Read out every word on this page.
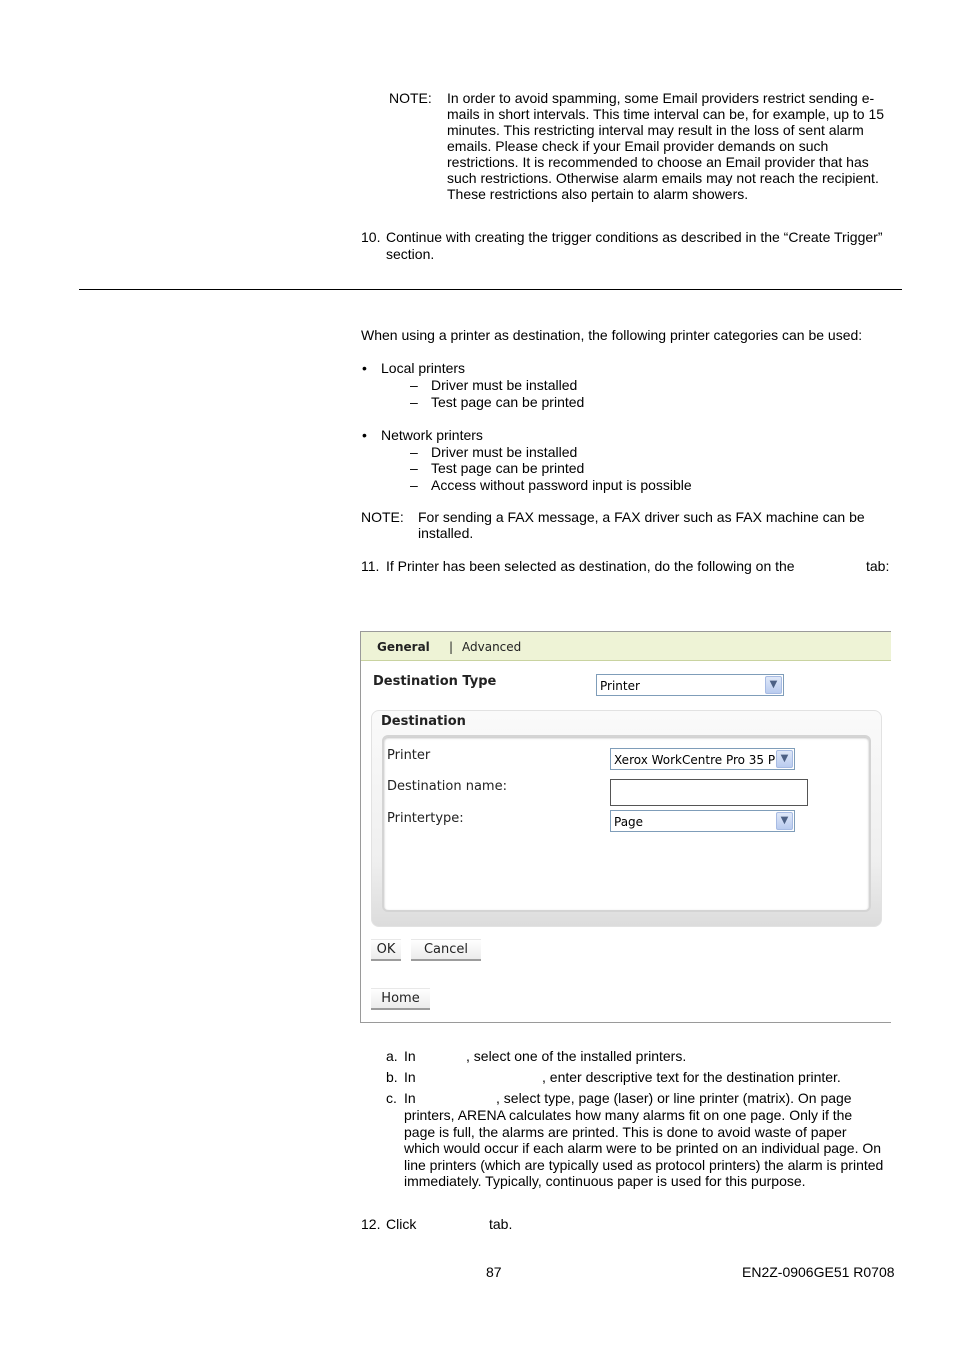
NOTE: In order to avoid spamming, some Email providers restrict sending e-
mails in short intervals. This time interval can be, for example, up to 15
minutes. This restricting interval may result in the loss of sent alarm
emails. Please check if your Email provider demands on such
restrictions. It is recommended to choose an Email provider that has
such restrictions. Otherwise alarm emails may not reach the recipient.
These restrictions also pertain to alarm showers.
10. Continue with creating the trigger conditions as described in the “Create Trigger”
section.
When using a printer as destination, the following printer categories can be used:
• Local printers
– Driver must be installed
– Test page can be printed
• Network printers
– Driver must be installed
– Test page can be printed
– Access without password input is possible
NOTE: For sending a FAX message, a FAX driver such as FAX machine can be
installed.
11. If Printer has been selected as destination, do the following on the	tab:
General | Advanced
Destination Type	Printer	▼
Destination
Printer	Xerox WorkCentre Pro 35 P ▼
Destination name:
Printertype:	Page	▼
OK	Cancel
Home
a. In	, select one of the installed printers.
b. In	, enter descriptive text for the destination printer.
c. In	, select type, page (laser) or line printer (matrix). On page
printers, ARENA calculates how many alarms fit on one page. Only if the
page is full, the alarms are printed. This is done to avoid waste of paper
which would occur if each alarm were to be printed on an individual page. On
line printers (which are typically used as protocol printers) the alarm is printed
immediately. Typically, continuous paper is used for this purpose.
12. Click	tab.
87	EN2Z-0906GE51 R0708
